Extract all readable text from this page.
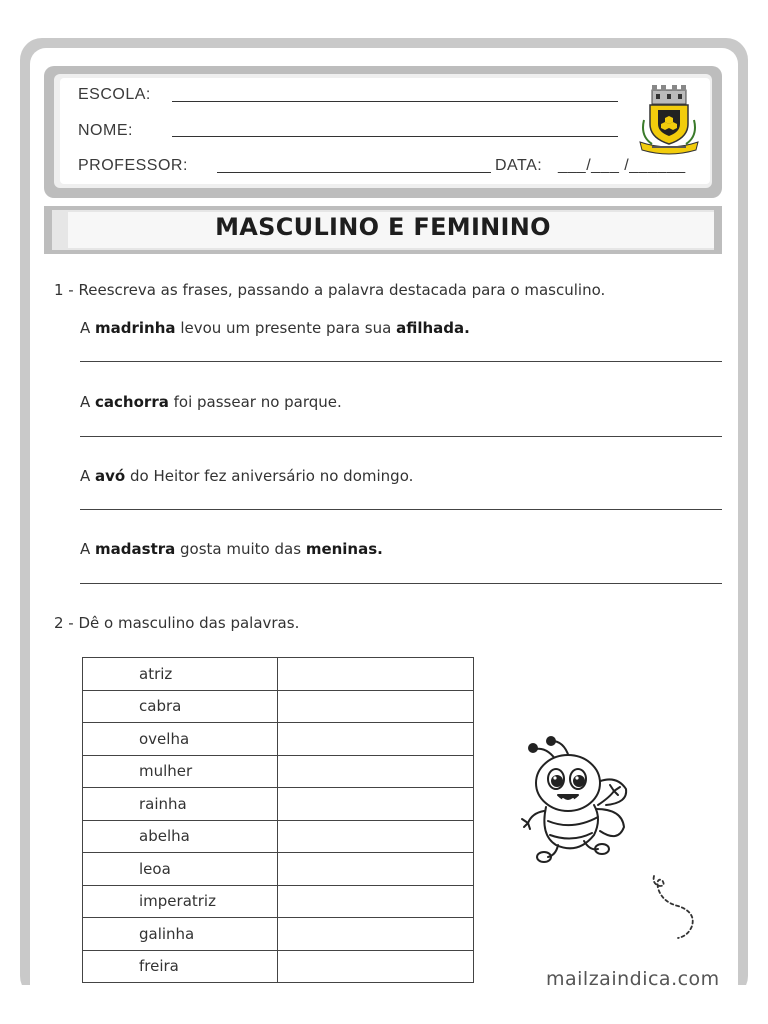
ESCOLA:
NOME:
PROFESSOR:	DATA: ___/___ /______
MASCULINO E FEMININO
1 - Reescreva as frases, passando a palavra destacada para o masculino.
A madrinha levou um presente para sua afilhada.
A cachorra foi passear no parque.
A avó do Heitor fez aniversário no domingo.
A madastra gosta muito das meninas.
2 - Dê o masculino das palavras.
atriz	
cabra	
ovelha	
mulher	
rainha	
abelha	
leoa	
imperatriz	
galinha	
freira	
mailzaindica.com
